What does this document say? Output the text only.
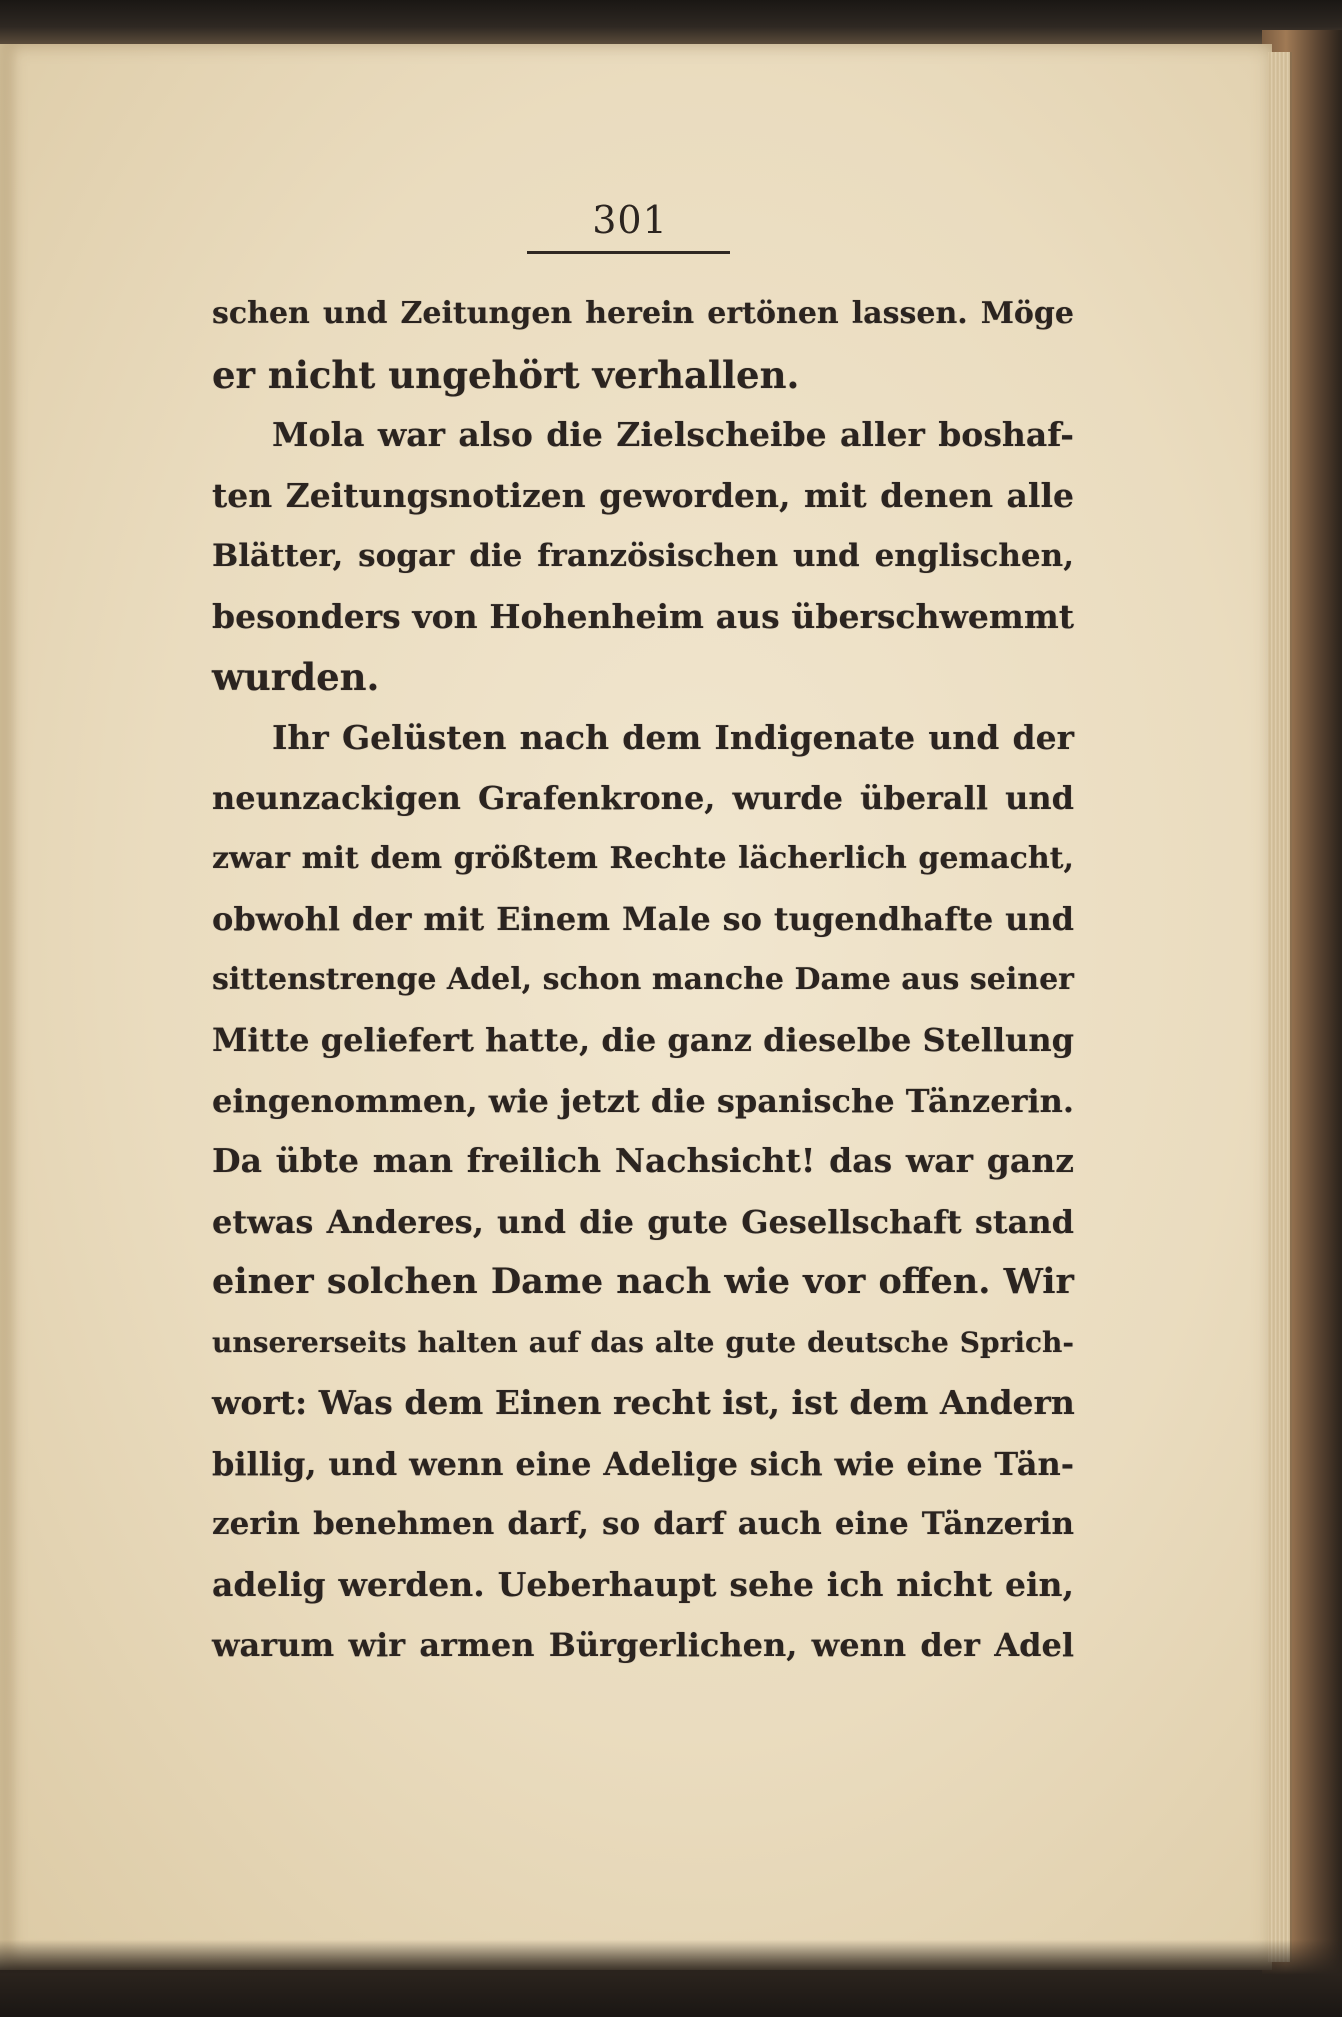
301
schen und Zeitungen herein ertönen lassen. Möge
er nicht ungehört verhallen.
Mola war also die Zielscheibe aller boshaf-
ten Zeitungsnotizen geworden, mit denen alle
Blätter, sogar die französischen und englischen,
besonders von Hohenheim aus überschwemmt
wurden.
Ihr Gelüsten nach dem Indigenate und der
neunzackigen Grafenkrone, wurde überall und
zwar mit dem größtem Rechte lächerlich gemacht,
obwohl der mit Einem Male so tugendhafte und
sittenstrenge Adel, schon manche Dame aus seiner
Mitte geliefert hatte, die ganz dieselbe Stellung
eingenommen, wie jetzt die spanische Tänzerin.
Da übte man freilich Nachsicht! das war ganz
etwas Anderes, und die gute Gesellschaft stand
einer solchen Dame nach wie vor offen. Wir
unsererseits halten auf das alte gute deutsche Sprich-
wort: Was dem Einen recht ist, ist dem Andern
billig, und wenn eine Adelige sich wie eine Tän-
zerin benehmen darf, so darf auch eine Tänzerin
adelig werden. Ueberhaupt sehe ich nicht ein,
warum wir armen Bürgerlichen, wenn der Adel
